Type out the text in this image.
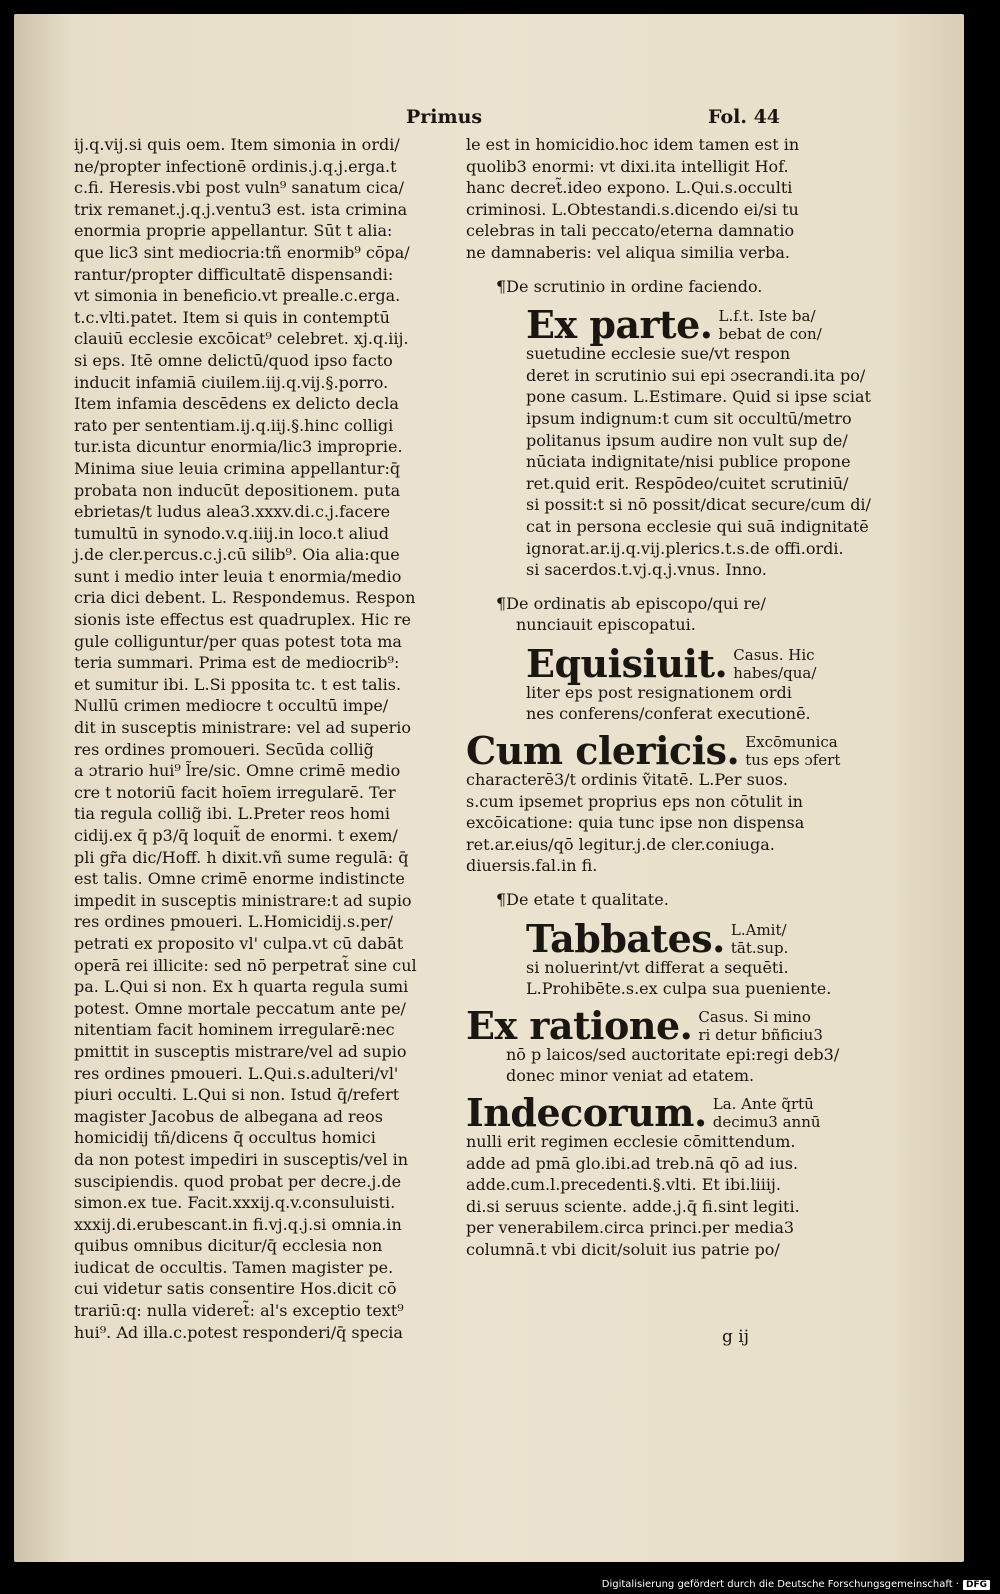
Primus	Fol. 44
ij.q.vij.si quis oem. Item simonia in ordi/
ne/propter infectionē ordinis.j.q.j.erga.t
c.fi. Heresis.vbi post vuln⁹ sanatum cica/
trix remanet.j.q.j.ventu3 est. ista crimina
enormia proprie appellantur. Sūt t alia:
que lic3 sint mediocria:tñ enormib⁹ cōpa/
rantur/propter difficultatē dispensandi:
vt simonia in beneficio.vt prealle.c.erga.
t.c.vlti.patet. Item si quis in contemptū
clauiū ecclesie excōicat⁹ celebret. xj.q.iij.
si eps. Itē omne delictū/quod ipso facto
inducit infamiā ciuilem.iij.q.vij.§.porro.
Item infamia descēdens ex delicto decla
rato per sententiam.ij.q.iij.§.hinc colligi
tur.ista dicuntur enormia/lic3 improprie.
Minima siue leuia crimina appellantur:q̄
probata non inducūt depositionem. puta
ebrietas/t ludus alea3.xxxv.di.c.j.facere
tumultū in synodo.v.q.iiij.in loco.t aliud
j.de cler.percus.c.j.cū silib⁹. Oia alia:que
sunt i medio inter leuia t enormia/medio
cria dici debent. L. Respondemus. Respon
sionis iste effectus est quadruplex. Hic re
gule colliguntur/per quas potest tota ma
teria summari. Prima est de mediocrib⁹:
et sumitur ibi. L.Si pposita tc. t est talis.
Nullū crimen mediocre t occultū impe/
dit in susceptis ministrare: vel ad superio
res ordines promoueri. Secūda collig̃
a ɔtrario hui⁹ l̃re/sic. Omne crimē medio
cre t notoriū facit hoīem irregularē. Ter
tia regula collig̃ ibi. L.Preter reos homi
cidij.ex q̄ p3/q̄ loquit̃ de enormi. t exem/
pli gr̃a dic/Hoff. h dixit.vñ sume regulā: q̄
est talis. Omne crimē enorme indistincte
impedit in susceptis ministrare:t ad supio
res ordines pmoueri. L.Homicidij.s.per/
petrati ex proposito vl' culpa.vt cū dabāt
operā rei illicite: sed nō perpetrat̃ sine cul
pa. L.Qui si non. Ex h quarta regula sumi
potest. Omne mortale peccatum ante pe/
nitentiam facit hominem irregularē:nec
pmittit in susceptis mistrare/vel ad supio
res ordines pmoueri. L.Qui.s.adulteri/vl'
piuri occulti. L.Qui si non. Istud q̄/refert
magister Jacobus de albegana ad reos
homicidij tñ/dicens q̄ occultus homici
da non potest impediri in susceptis/vel in
suscipiendis. quod probat per decre.j.de
simon.ex tue. Facit.xxxij.q.v.consuluisti.
xxxij.di.erubescant.in fi.vj.q.j.si omnia.in
quibus omnibus dicitur/q̄ ecclesia non
iudicat de occultis. Tamen magister pe.
cui videtur satis consentire Hos.dicit cō
trariū:q: nulla videret̃: al's exceptio text⁹
hui⁹. Ad illa.c.potest responderi/q̄ specia
le est in homicidio.hoc idem tamen est in
quolib3 enormi: vt dixi.ita intelligit Hof.
hanc decret̃.ideo expono. L.Qui.s.occulti
criminosi. L.Obtestandi.s.dicendo ei/si tu
celebras in tali peccato/eterna damnatio
ne damnaberis: vel aliqua similia verba.
¶De scrutinio in ordine faciendo.
Ex parte. L.f.t. Iste ba/
bebat de con/
suetudine ecclesie sue/vt respon
deret in scrutinio sui epi ɔsecrandi.ita po/
pone casum. L.Estimare. Quid si ipse sciat
ipsum indignum:t cum sit occultū/metro
politanus ipsum audire non vult sup de/
nūciata indignitate/nisi publice propone
ret.quid erit. Respōdeo/cuitet scrutiniū/
si possit:t si nō possit/dicat secure/cum di/
cat in persona ecclesie qui suā indignitatē
ignorat.ar.ij.q.vij.plerics.t.s.de offi.ordi.
si sacerdos.t.vj.q.j.vnus. Inno.
¶De ordinatis ab episcopo/qui re/
nunciauit episcopatui.
Equisiuit. Casus. Hic
habes/qua/
liter eps post resignationem ordi
nes conferens/conferat executionē.
Cum clericis. Excōmunica
tus eps ɔfert
characterē3/t ordinis ṽitatē. L.Per suos.
s.cum ipsemet proprius eps non cōtulit in
excōicatione: quia tunc ipse non dispensa
ret.ar.eius/qō legitur.j.de cler.coniuga.
diuersis.fal.in fi.
¶De etate t qualitate.
Tabbates. L.Amit/
tāt.sup.
si noluerint/vt differat a sequēti.
L.Prohibēte.s.ex culpa sua pueniente.
Ex ratione. Casus. Si mino
ri detur bñficiu3
nō p laicos/sed auctoritate epi:regi deb3/
donec minor veniat ad etatem.
Indecorum. La. Ante q̃rtū
decimu3 annū
nulli erit regimen ecclesie cōmittendum.
adde ad pmā glo.ibi.ad treb.nā qō ad ius.
adde.cum.l.precedenti.§.vlti. Et ibi.liiij.
di.si seruus sciente. adde.j.q̄ fi.sint legiti.
per venerabilem.circa princi.per media3
columnā.t vbi dicit/soluit ius patrie po/
g ij
Digitalisierung gefördert durch die Deutsche Forschungsgemeinschaft · DFG
